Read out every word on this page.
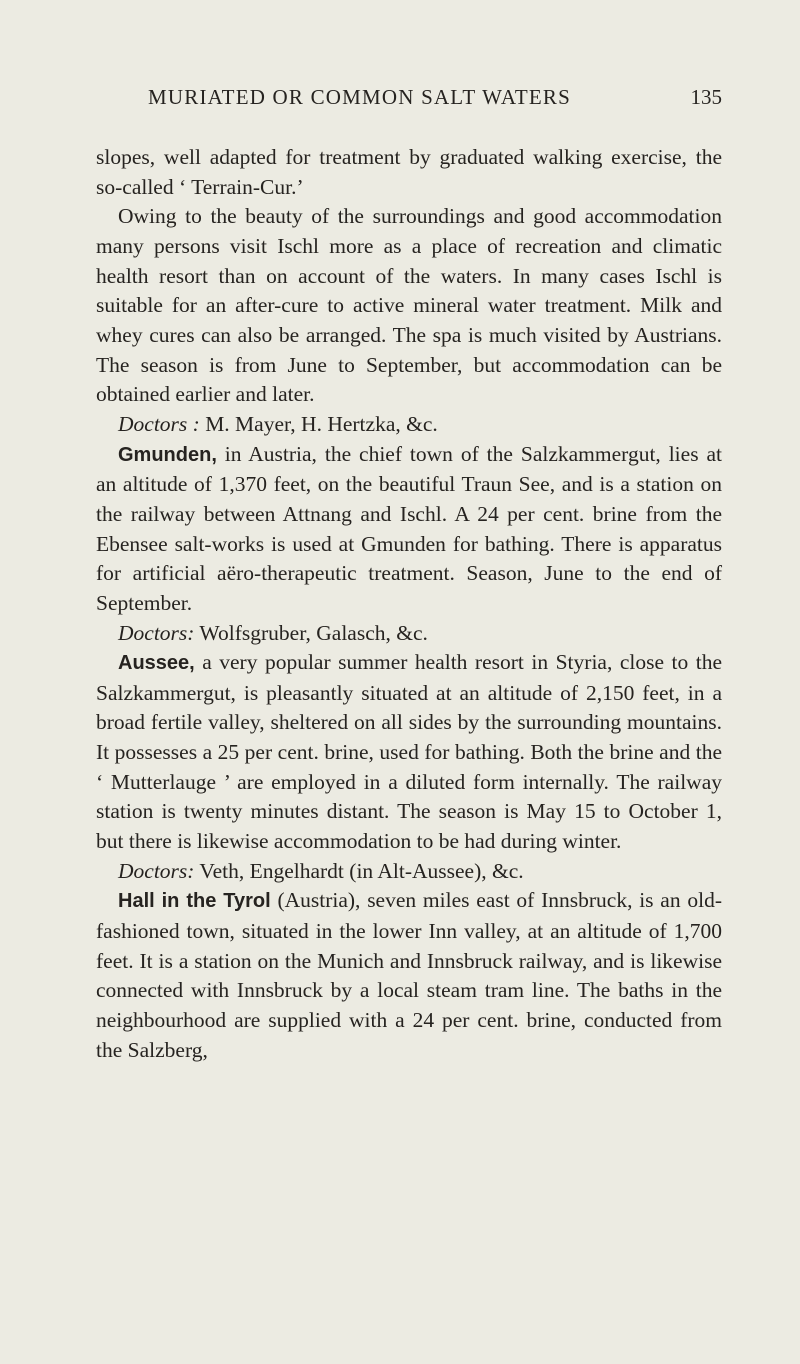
MURIATED OR COMMON SALT WATERS	135

slopes, well adapted for treatment by graduated walking exercise, the so-called ‘ Terrain-Cur.’

Owing to the beauty of the surroundings and good accommodation many persons visit Ischl more as a place of recreation and climatic health resort than on account of the waters. In many cases Ischl is suitable for an after-cure to active mineral water treatment. Milk and whey cures can also be arranged. The spa is much visited by Austrians. The season is from June to September, but accommodation can be obtained earlier and later.

Doctors : M. Mayer, H. Hertzka, &c.

Gmunden, in Austria, the chief town of the Salzkammergut, lies at an altitude of 1,370 feet, on the beautiful Traun See, and is a station on the railway between Attnang and Ischl. A 24 per cent. brine from the Ebensee salt-works is used at Gmunden for bathing. There is apparatus for artificial aëro-therapeutic treatment. Season, June to the end of September.

Doctors: Wolfsgruber, Galasch, &c.

Aussee, a very popular summer health resort in Styria, close to the Salzkammergut, is pleasantly situated at an altitude of 2,150 feet, in a broad fertile valley, sheltered on all sides by the surrounding mountains. It possesses a 25 per cent. brine, used for bathing. Both the brine and the ‘ Mutterlauge ’ are employed in a diluted form internally. The railway station is twenty minutes distant. The season is May 15 to October 1, but there is likewise accommodation to be had during winter.

Doctors: Veth, Engelhardt (in Alt-Aussee), &c.

Hall in the Tyrol (Austria), seven miles east of Innsbruck, is an old-fashioned town, situated in the lower Inn valley, at an altitude of 1,700 feet. It is a station on the Munich and Innsbruck railway, and is likewise connected with Innsbruck by a local steam tram line. The baths in the neighbourhood are supplied with a 24 per cent. brine, conducted from the Salzberg,
